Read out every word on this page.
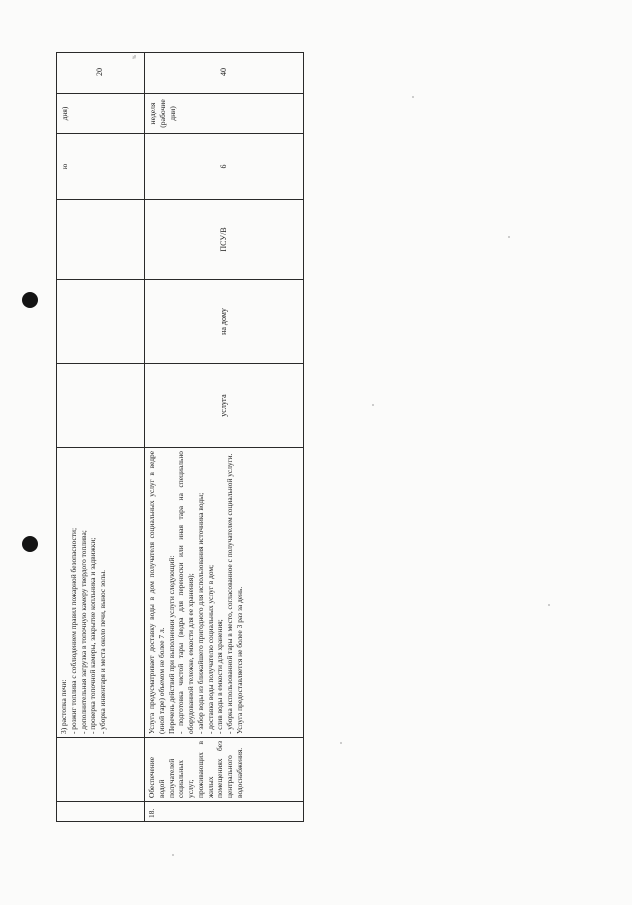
3) растопка печи: - розжиг топлива с соблюдением правил пожарной безопасности; - дополнительная загрузка в топочную камеру твердого топлива; - проверка топочной камеры, закрытие копльника и задвижки; - уборка инвентаря и места около печи, вынос золы.
ю
дня)
20
%
18.
Обеспечение водой получателей социальных услуг, проживающих в жилых помещениях без центрального водоснабжения.
Услуга предусматривает доставку воды в дом получателя социальных услуг в ведре (иной таре) объемом не более 7 л. Перечень действий при выполнении услуги следующий: - подготовка чистой тары (ведра для переноски или иная тара на специально оборудованной тележке, емкости для ее хранения); - забор воды из ближайшего пригодного для использования источника воды; - доставка воды получателю социальных услуг в дом; - слив воды в емкости для хранения; - уборка использованной тары в место, согласованное с получателем социальной услуги. Услуга предоставляется не более 3 раз за день.
услуга
на дому
ПСУ/В
6
неделя (рабочие дни)
40
